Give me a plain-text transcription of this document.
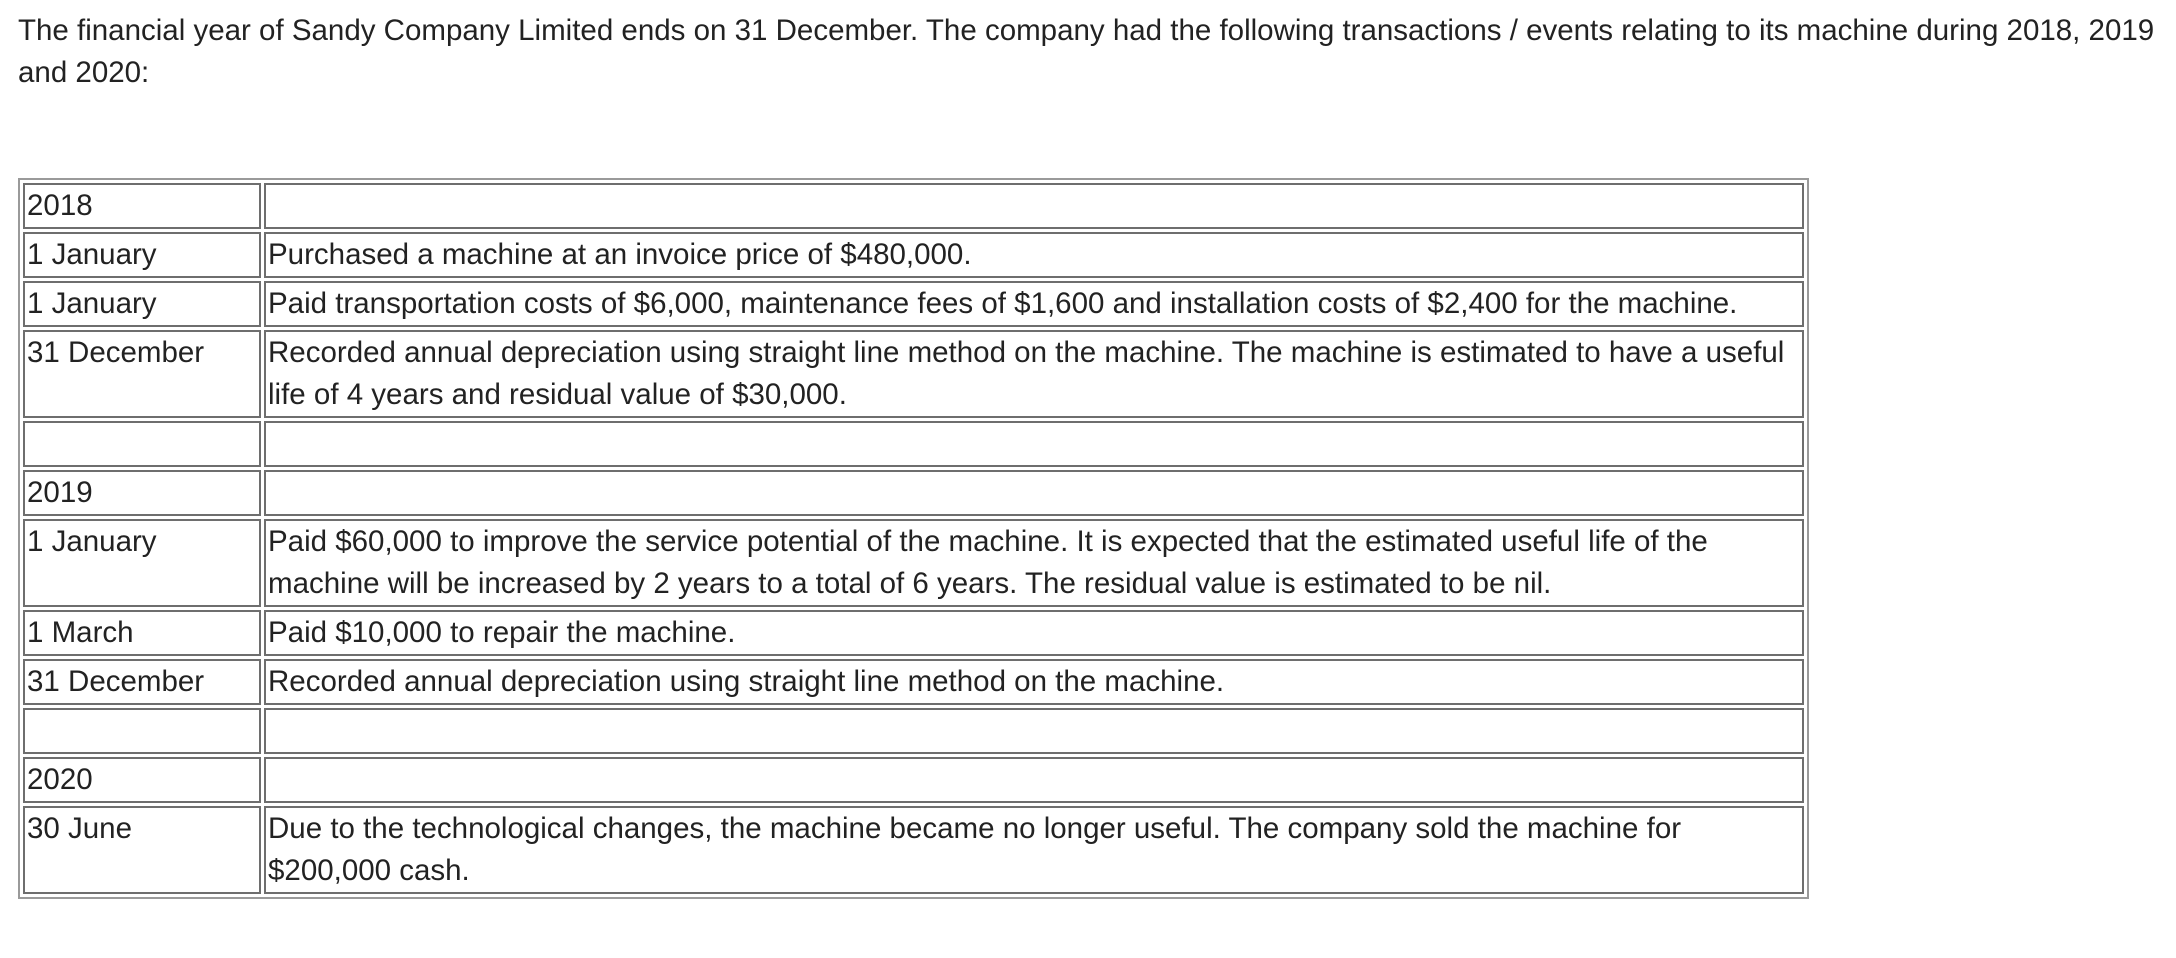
The financial year of Sandy Company Limited ends on 31 December. The company had the following transactions / events relating to its machine during 2018, 2019 and 2020:

2018	
1 January	Purchased a machine at an invoice price of $480,000.
1 January	Paid transportation costs of $6,000, maintenance fees of $1,600 and installation costs of $2,400 for the machine.
31 December	Recorded annual depreciation using straight line method on the machine. The machine is estimated to have a useful life of 4 years and residual value of $30,000.

2019	
1 January	Paid $60,000 to improve the service potential of the machine. It is expected that the estimated useful life of the machine will be increased by 2 years to a total of 6 years. The residual value is estimated to be nil.
1 March	Paid $10,000 to repair the machine.
31 December	Recorded annual depreciation using straight line method on the machine.

2020	
30 June	Due to the technological changes, the machine became no longer useful. The company sold the machine for $200,000 cash.
